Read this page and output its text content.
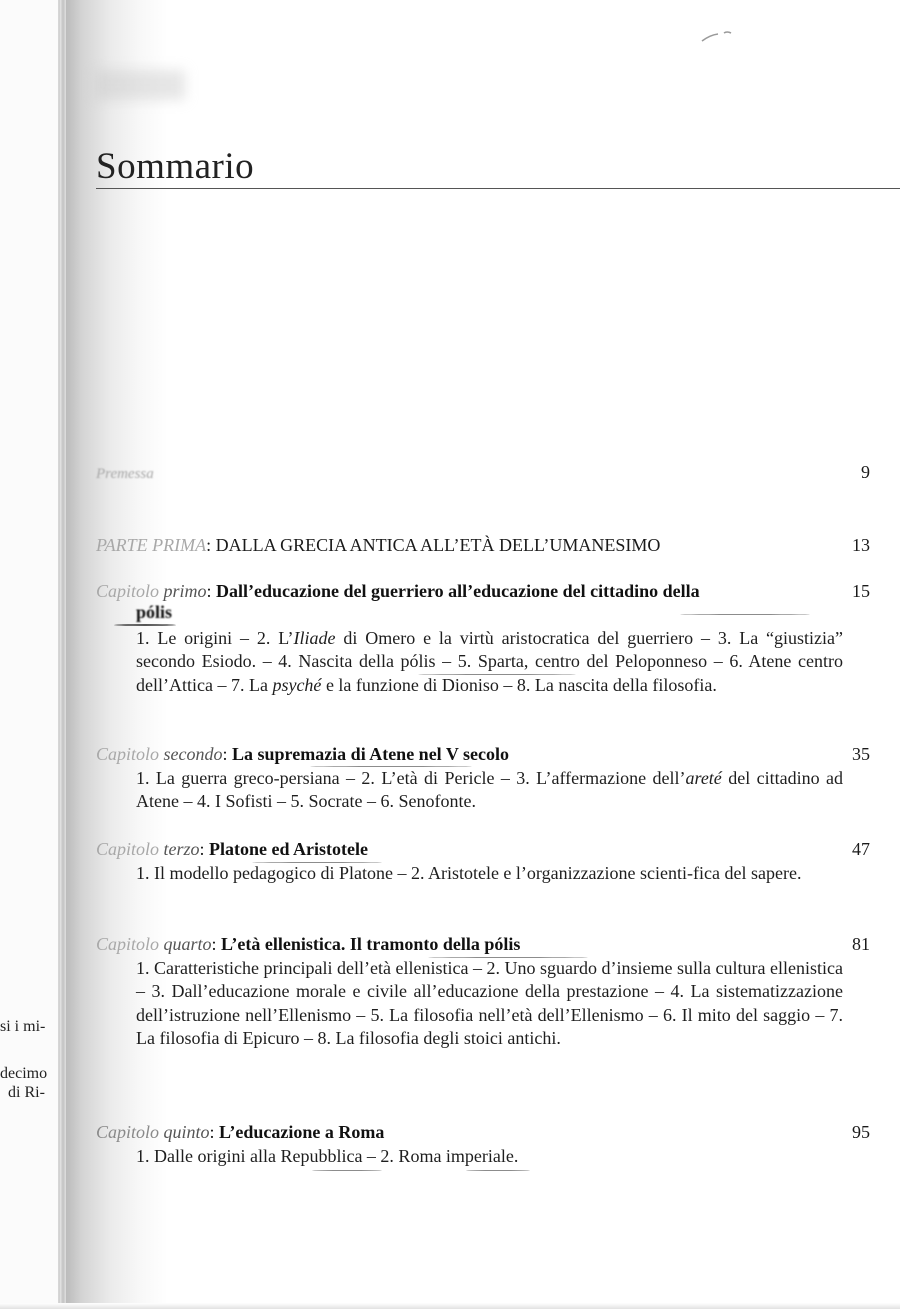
si i mi-
decimo
di Ri-
Sommario
Premessa	9
PARTE PRIMA: DALLA GRECIA ANTICA ALL’ETÀ DELL’UMANESIMO	13
Capitolo primo: Dall’educazione del guerriero all’educazione del cittadino della	15
pólis
1. Le origini – 2. L’Iliade di Omero e la virtù aristocratica del guerriero – 3. La “giustizia” secondo Esiodo. – 4. Nascita della pólis – 5. Sparta, centro del Peloponneso – 6. Atene centro dell’Attica – 7. La psyché e la funzione di Dioniso – 8. La nascita della filosofia.
Capitolo secondo: La supremazia di Atene nel V secolo	35
1. La guerra greco-persiana – 2. L’età di Pericle – 3. L’affermazione dell’areté del cittadino ad Atene – 4. I Sofisti – 5. Socrate – 6. Senofonte.
Capitolo terzo: Platone ed Aristotele	47
1. Il modello pedagogico di Platone – 2. Aristotele e l’organizzazione scienti-fica del sapere.
Capitolo quarto: L’età ellenistica. Il tramonto della pólis	81
1. Caratteristiche principali dell’età ellenistica – 2. Uno sguardo d’insieme sulla cultura ellenistica – 3. Dall’educazione morale e civile all’educazione della prestazione – 4. La sistematizzazione dell’istruzione nell’Ellenismo – 5. La filosofia nell’età dell’Ellenismo – 6. Il mito del saggio – 7. La filosofia di Epicuro – 8. La filosofia degli stoici antichi.
Capitolo quinto: L’educazione a Roma	95
1. Dalle origini alla Repubblica – 2. Roma imperiale.
